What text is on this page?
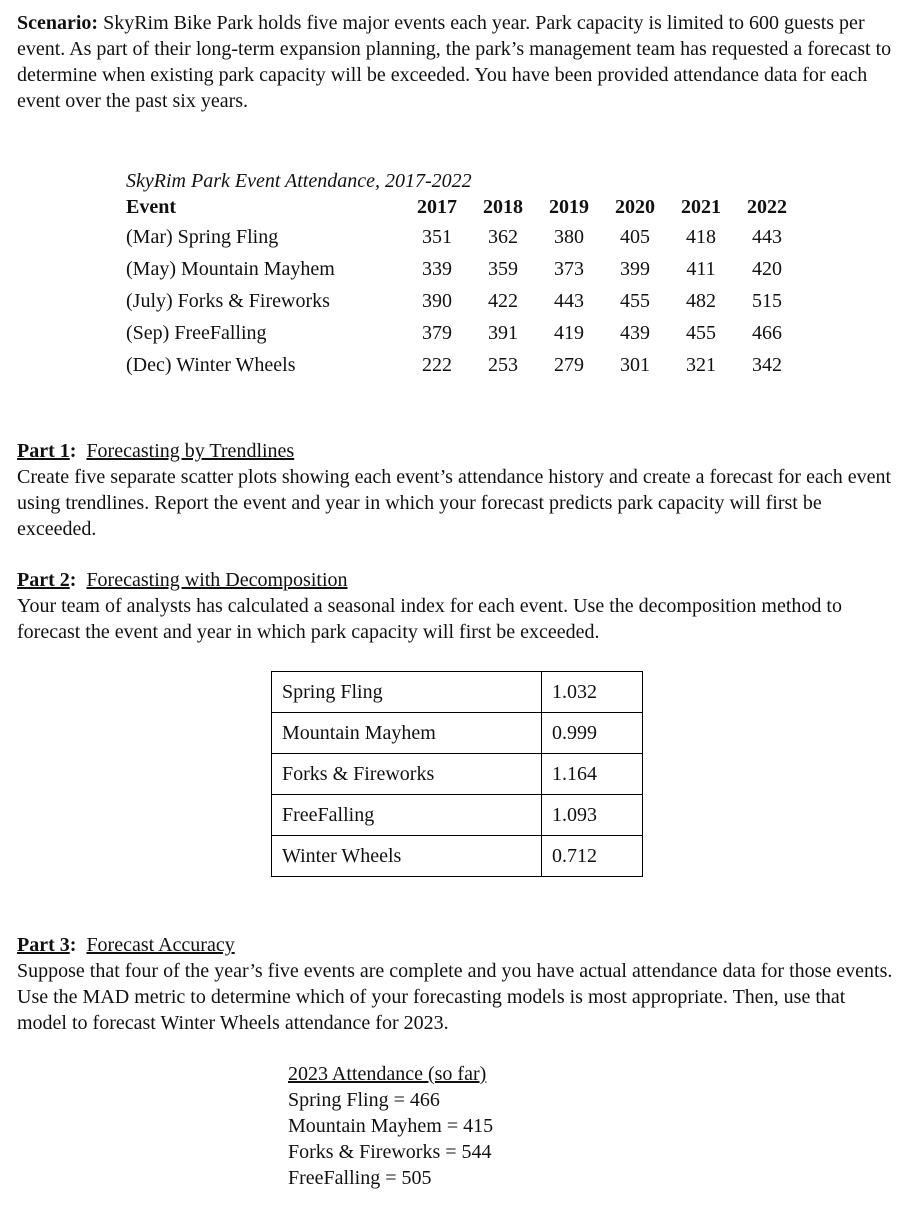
Scenario: SkyRim Bike Park holds five major events each year. Park capacity is limited to 600 guests per event. As part of their long-term expansion planning, the park’s management team has requested a forecast to determine when existing park capacity will be exceeded. You have been provided attendance data for each event over the past six years.

SkyRim Park Event Attendance, 2017-2022
Event	2017 2018 2019 2020 2021 2022
(Mar) Spring Fling	351	362	380	405	418	443
(May) Mountain Mayhem	339	359	373	399	411	420
(July) Forks & Fireworks	390	422	443	455	482	515
(Sep) FreeFalling	379	391	419	439	455	466
(Dec) Winter Wheels	222	253	279	301	321	342
Part 1:  Forecasting by Trendlines

Create five separate scatter plots showing each event’s attendance history and create a forecast for each event using trendlines. Report the event and year in which your forecast predicts park capacity will first be exceeded.

Part 2:  Forecasting with Decomposition

Your team of analysts has calculated a seasonal index for each event. Use the decomposition method to forecast the event and year in which park capacity will first be exceeded.

Spring Fling	1.032
Mountain Mayhem	0.999
Forks & Fireworks	1.164
FreeFalling	1.093
Winter Wheels	0.712
Part 3:  Forecast Accuracy

Suppose that four of the year’s five events are complete and you have actual attendance data for those events. Use the MAD metric to determine which of your forecasting models is most appropriate. Then, use that model to forecast Winter Wheels attendance for 2023.

2023 Attendance (so far)
Spring Fling = 466
Mountain Mayhem = 415
Forks & Fireworks = 544
FreeFalling = 505
